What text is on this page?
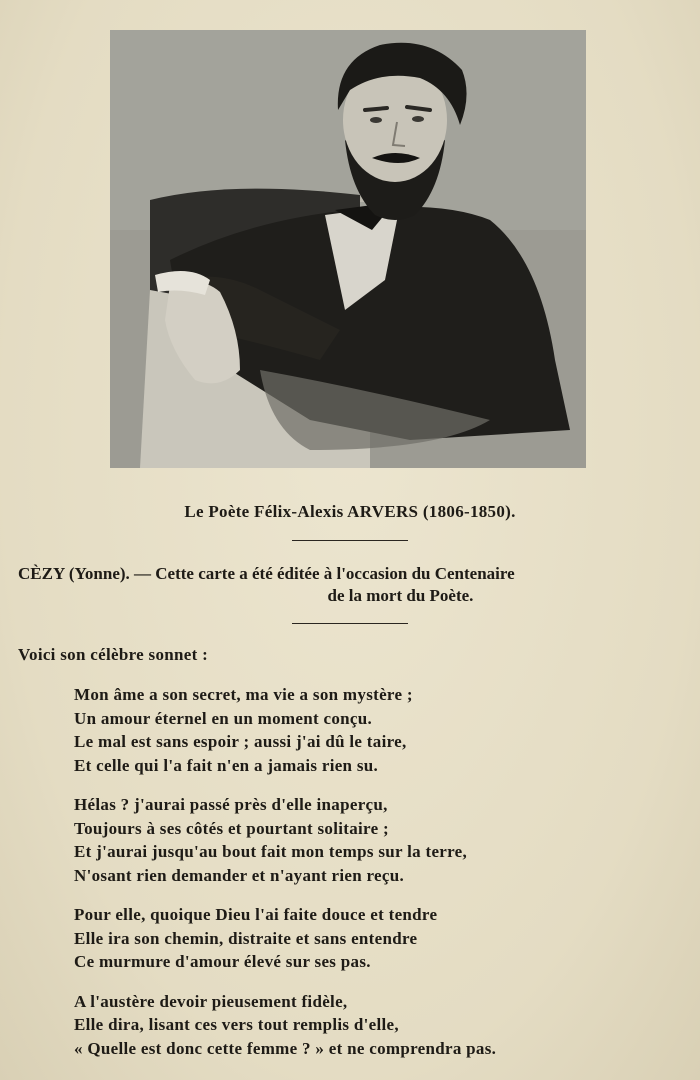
Le Poète Félix-Alexis ARVERS (1806-1850).
CÈZY (Yonne). — Cette carte a été éditée à l'occasion du Centenaire
de la mort du Poète.
Voici son célèbre sonnet :
Mon âme a son secret, ma vie a son mystère ;
Un amour éternel en un moment conçu.
Le mal est sans espoir ; aussi j'ai dû le taire,
Et celle qui l'a fait n'en a jamais rien su.
Hélas ? j'aurai passé près d'elle inaperçu,
Toujours à ses côtés et pourtant solitaire ;
Et j'aurai jusqu'au bout fait mon temps sur la terre,
N'osant rien demander et n'ayant rien reçu.
Pour elle, quoique Dieu l'ai faite douce et tendre
Elle ira son chemin, distraite et sans entendre
Ce murmure d'amour élevé sur ses pas.
A l'austère devoir pieusement fidèle,
Elle dira, lisant ces vers tout remplis d'elle,
« Quelle est donc cette femme ? » et ne comprendra pas.
